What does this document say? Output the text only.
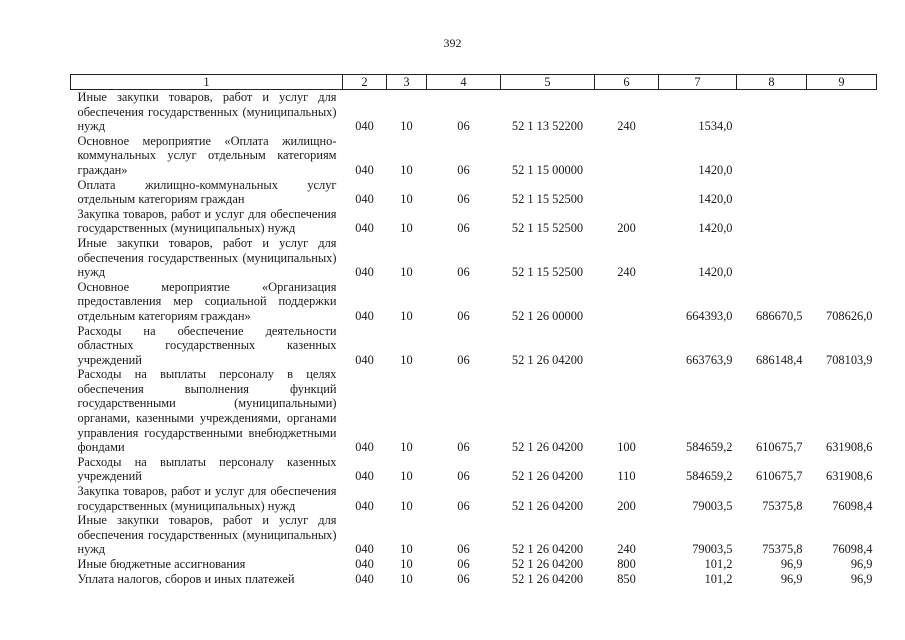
392
1	2	3	4	5	6	7	8	9
Иные закупки товаров, работ и услуг для обеспечения государственных (муниципальных) нужд	040	10	06	52 1 13 52200	240	1534,0		
Основное мероприятие «Оплата жилищно-коммунальных услуг отдельным категориям граждан»	040	10	06	52 1 15 00000		1420,0		
Оплата жилищно-коммунальных услуг отдельным категориям граждан	040	10	06	52 1 15 52500		1420,0		
Закупка товаров, работ и услуг для обеспечения государственных (муниципальных) нужд	040	10	06	52 1 15 52500	200	1420,0		
Иные закупки товаров, работ и услуг для обеспечения государственных (муниципальных) нужд	040	10	06	52 1 15 52500	240	1420,0		
Основное мероприятие «Организация предоставления мер социальной поддержки отдельным категориям граждан»	040	10	06	52 1 26 00000		664393,0	686670,5	708626,0
Расходы на обеспечение деятельности областных государственных казенных учреждений	040	10	06	52 1 26 04200		663763,9	686148,4	708103,9
Расходы на выплаты персоналу в целях обеспечения выполнения функций государственными (муниципальными) органами, казенными учреждениями, органами управления государственными внебюджетными фондами	040	10	06	52 1 26 04200	100	584659,2	610675,7	631908,6
Расходы на выплаты персоналу казенных учреждений	040	10	06	52 1 26 04200	110	584659,2	610675,7	631908,6
Закупка товаров, работ и услуг для обеспечения государственных (муниципальных) нужд	040	10	06	52 1 26 04200	200	79003,5	75375,8	76098,4
Иные закупки товаров, работ и услуг для обеспечения государственных (муниципальных) нужд	040	10	06	52 1 26 04200	240	79003,5	75375,8	76098,4
Иные бюджетные ассигнования	040	10	06	52 1 26 04200	800	101,2	96,9	96,9
Уплата налогов, сборов и иных платежей	040	10	06	52 1 26 04200	850	101,2	96,9	96,9
